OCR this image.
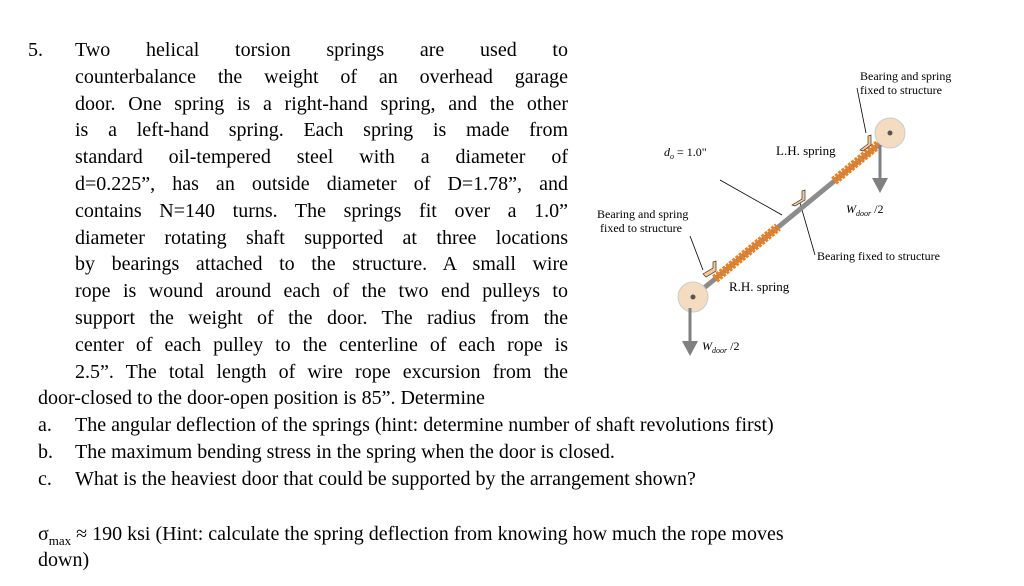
5. Two helical torsion springs are used to
counterbalance the weight of an overhead garage
door. One spring is a right-hand spring, and the other
is a left-hand spring. Each spring is made from
standard oil-tempered steel with a diameter of
d=0.225”, has an outside diameter of D=1.78”, and
contains N=140 turns. The springs fit over a 1.0”
diameter rotating shaft supported at three locations
by bearings attached to the structure. A small wire
rope is wound around each of the two end pulleys to
support the weight of the door. The radius from the
center of each pulley to the centerline of each rope is
2.5”. The total length of wire rope excursion from the
door-closed to the door-open position is 85”. Determine
a. The angular deflection of the springs (hint: determine number of shaft revolutions first)
b. The maximum bending stress in the spring when the door is closed.
c. What is the heaviest door that could be supported by the arrangement shown?
$\sigma_{max} \approx 190$ ksi (Hint: calculate the spring deflection from knowing how much the rope moves
down)
Bearing and spring
fixed to structure
Bearing and spring
fixed to structure
Bearing fixed to structure
$d_o = 1.0$"	L.H. spring
R.H. spring
$W_{door}$ /2
$W_{door}$ /2
